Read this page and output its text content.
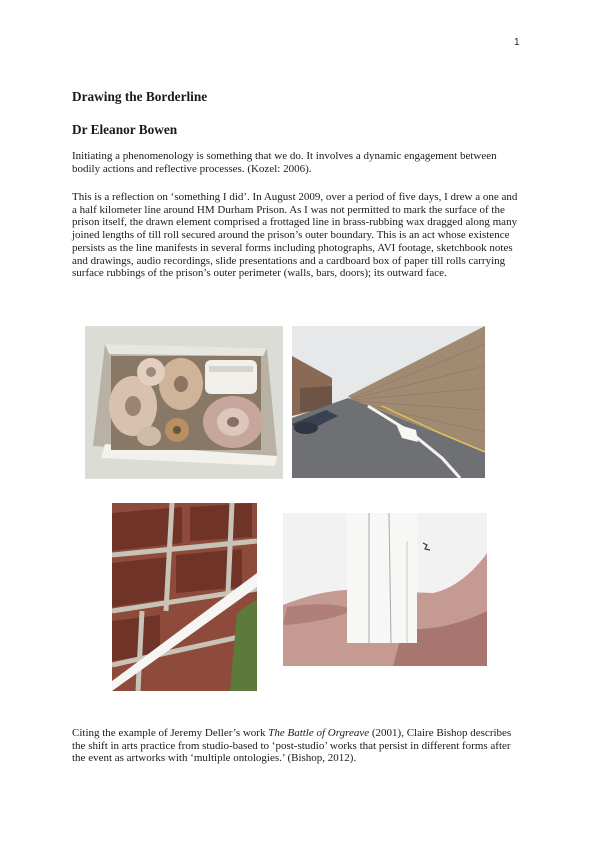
1
Drawing the Borderline
Dr Eleanor Bowen

Initiating a phenomenology is something that we do. It involves a dynamic engagement between bodily actions and reflective processes. (Kozel: 2006).

This is a reflection on ‘something I did’. In August 2009, over a period of five days, I drew a one and a half kilometer line around HM Durham Prison. As I was not permitted to mark the surface of the prison itself, the drawn element comprised a frottaged line in brass-rubbing wax dragged along many joined lengths of till roll secured around the prison’s outer boundary. This is an act whose existence persists as the line manifests in several forms including photographs, AVI footage, sketchbook notes and drawings, audio recordings, slide presentations and a cardboard box of paper till rolls carrying surface rubbings of the prison’s outer perimeter (walls, bars, doors); its outward face.

Citing the example of Jeremy Deller’s work The Battle of Orgreave (2001), Claire Bishop describes the shift in arts practice from studio-based to ‘post-studio’ works that persist in different forms after the event as artworks with ‘multiple ontologies.’ (Bishop, 2012).
